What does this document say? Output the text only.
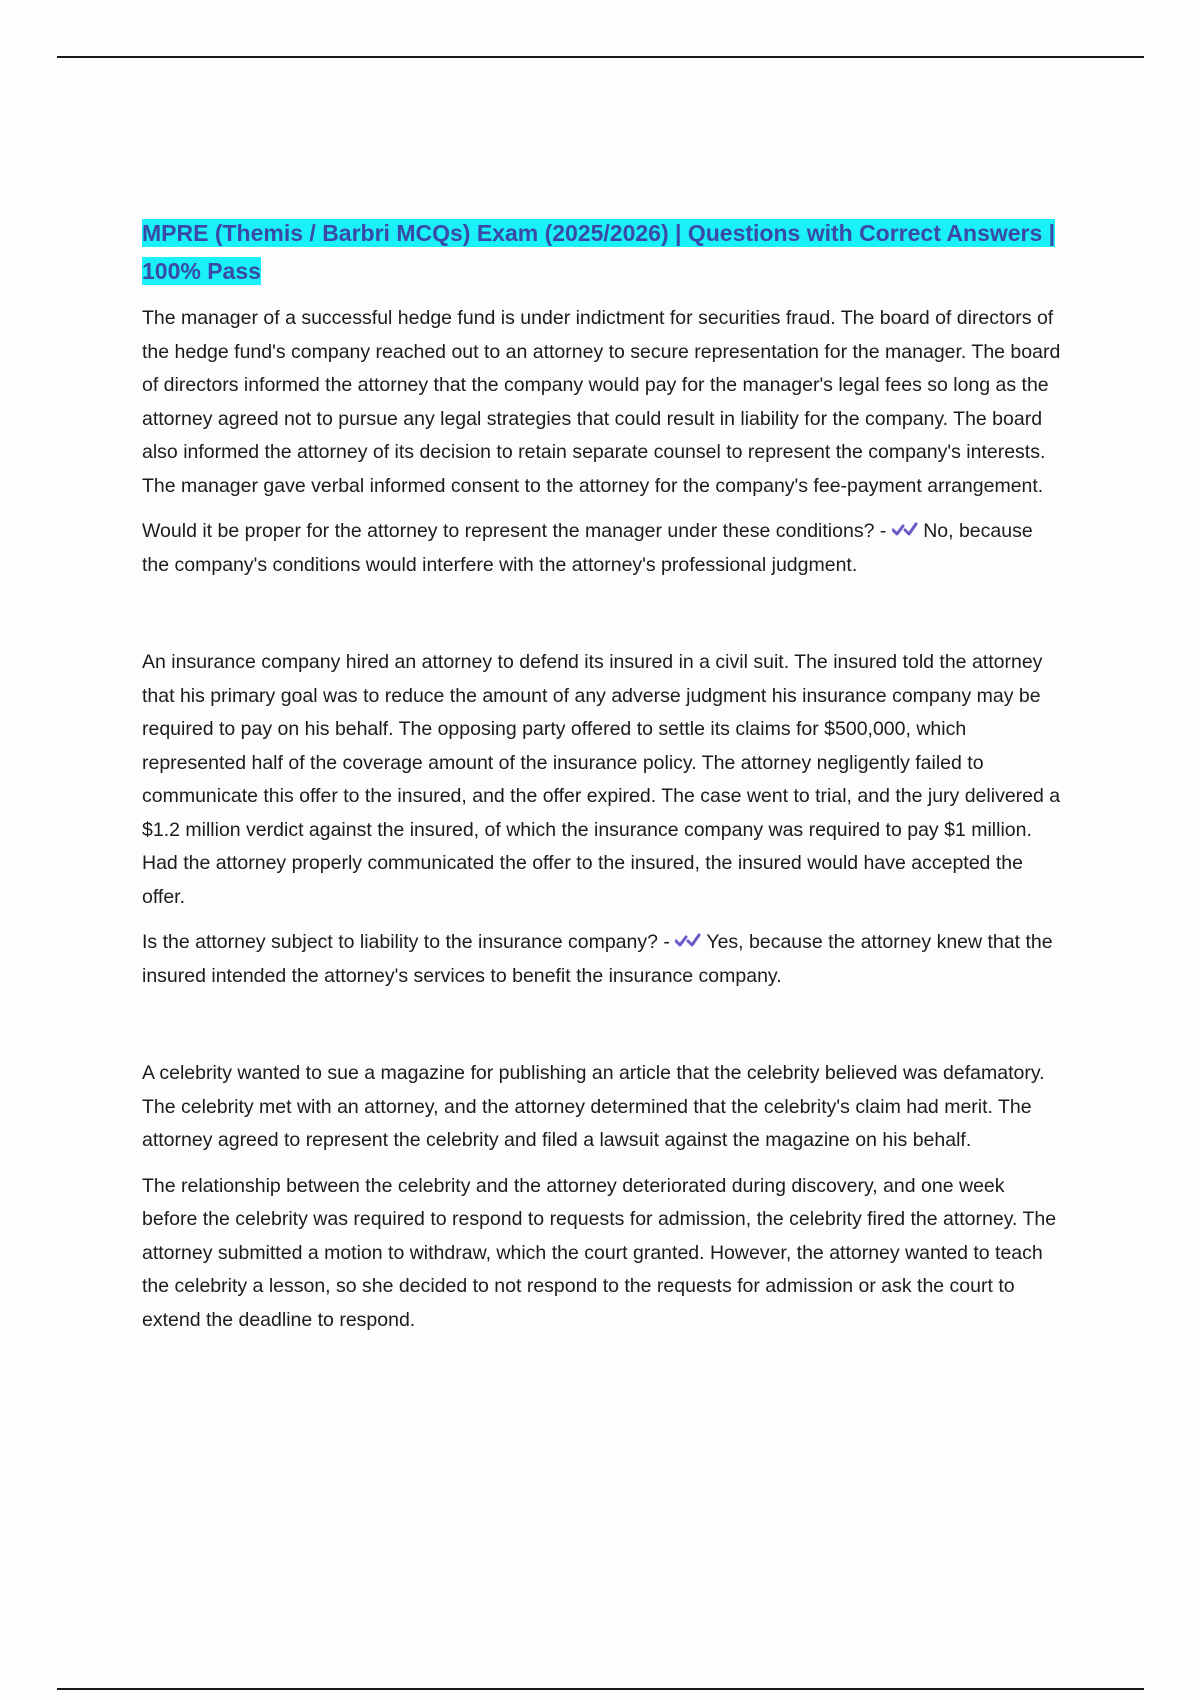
MPRE (Themis / Barbri MCQs) Exam (2025/2026) | Questions with Correct Answers | 100% Pass

The manager of a successful hedge fund is under indictment for securities fraud. The board of directors of the hedge fund's company reached out to an attorney to secure representation for the manager. The board of directors informed the attorney that the company would pay for the manager's legal fees so long as the attorney agreed not to pursue any legal strategies that could result in liability for the company. The board also informed the attorney of its decision to retain separate counsel to represent the company's interests. The manager gave verbal informed consent to the attorney for the company's fee-payment arrangement.

Would it be proper for the attorney to represent the manager under these conditions? - No, because the company's conditions would interfere with the attorney's professional judgment.

An insurance company hired an attorney to defend its insured in a civil suit. The insured told the attorney that his primary goal was to reduce the amount of any adverse judgment his insurance company may be required to pay on his behalf. The opposing party offered to settle its claims for $500,000, which represented half of the coverage amount of the insurance policy. The attorney negligently failed to communicate this offer to the insured, and the offer expired. The case went to trial, and the jury delivered a $1.2 million verdict against the insured, of which the insurance company was required to pay $1 million. Had the attorney properly communicated the offer to the insured, the insured would have accepted the offer.

Is the attorney subject to liability to the insurance company? - Yes, because the attorney knew that the insured intended the attorney's services to benefit the insurance company.

A celebrity wanted to sue a magazine for publishing an article that the celebrity believed was defamatory. The celebrity met with an attorney, and the attorney determined that the celebrity's claim had merit. The attorney agreed to represent the celebrity and filed a lawsuit against the magazine on his behalf.

The relationship between the celebrity and the attorney deteriorated during discovery, and one week before the celebrity was required to respond to requests for admission, the celebrity fired the attorney. The attorney submitted a motion to withdraw, which the court granted. However, the attorney wanted to teach the celebrity a lesson, so she decided to not respond to the requests for admission or ask the court to extend the deadline to respond.
